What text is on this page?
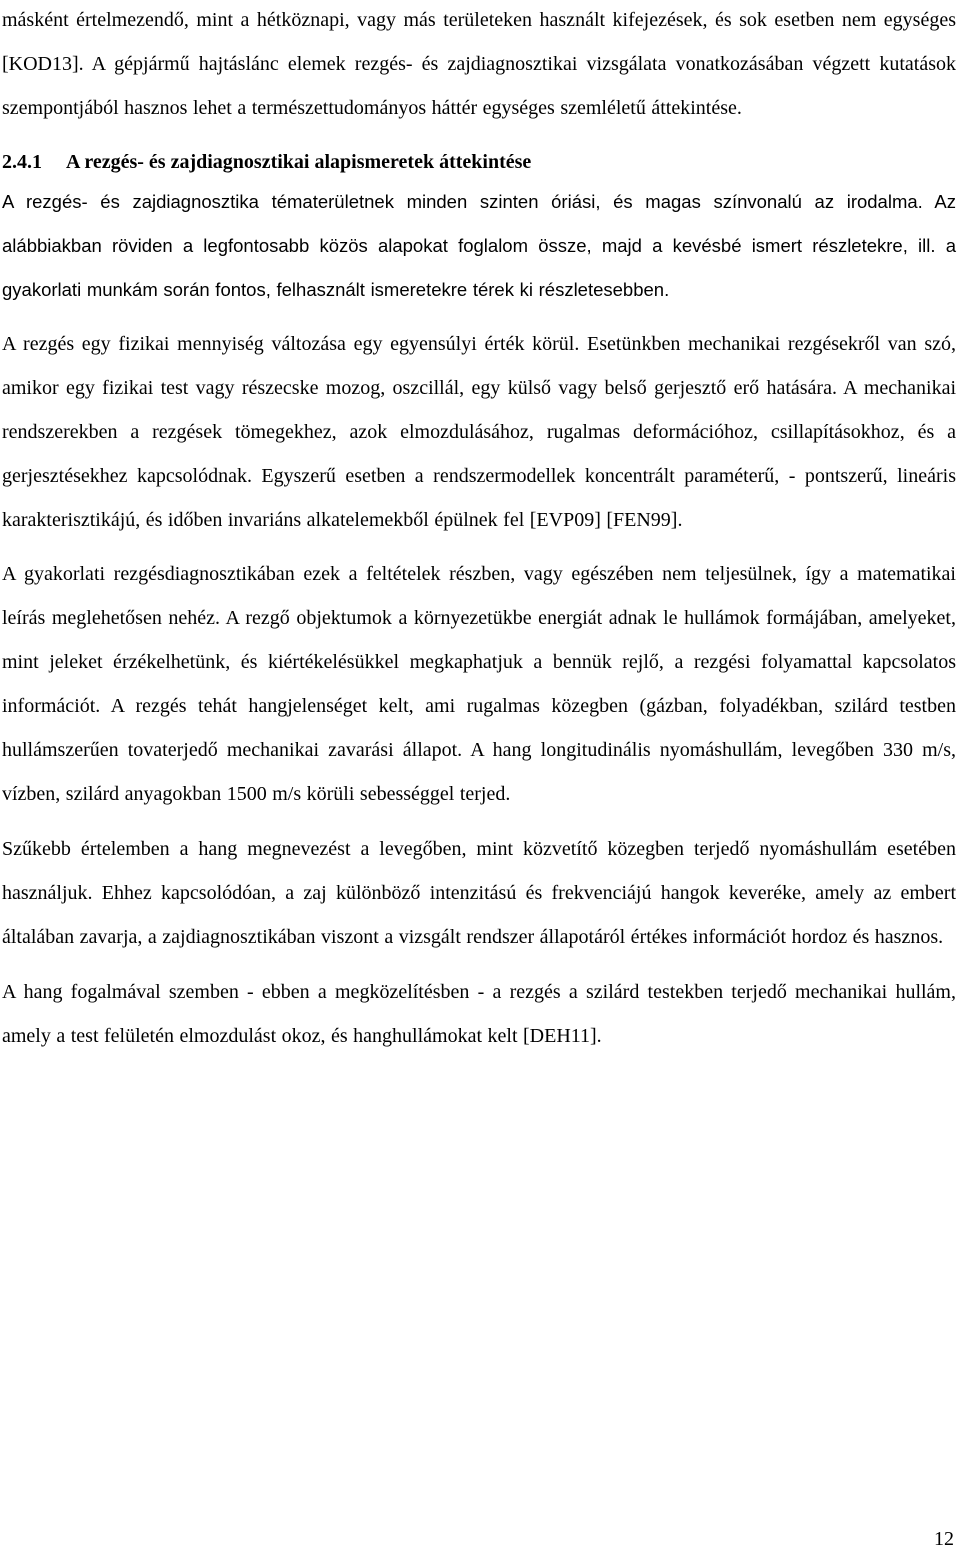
másként értelmezendő, mint a hétköznapi, vagy más területeken használt kifejezések, és sok esetben nem egységes [KOD13]. A gépjármű hajtáslánc elemek rezgés- és zajdiagnosztikai vizsgálata vonatkozásában végzett kutatások szempontjából hasznos lehet a természettudományos háttér egységes szemléletű áttekintése.

2.4.1 A rezgés- és zajdiagnosztikai alapismeretek áttekintése

A rezgés- és zajdiagnosztika tématerületnek minden szinten óriási, és magas színvonalú az irodalma. Az alábbiakban röviden a legfontosabb közös alapokat foglalom össze, majd a kevésbé ismert részletekre, ill. a gyakorlati munkám során fontos, felhasznált ismeretekre térek ki részletesebben.

A rezgés egy fizikai mennyiség változása egy egyensúlyi érték körül. Esetünkben mechanikai rezgésekről van szó, amikor egy fizikai test vagy részecske mozog, oszcillál, egy külső vagy belső gerjesztő erő hatására. A mechanikai rendszerekben a rezgések tömegekhez, azok elmozdulásához, rugalmas deformációhoz, csillapításokhoz, és a gerjesztésekhez kapcsolódnak. Egyszerű esetben a rendszermodellek koncentrált paraméterű, - pontszerű, lineáris karakterisztikájú, és időben invariáns alkatelemekből épülnek fel [EVP09] [FEN99].

A gyakorlati rezgésdiagnosztikában ezek a feltételek részben, vagy egészében nem teljesülnek, így a matematikai leírás meglehetősen nehéz. A rezgő objektumok a környezetükbe energiát adnak le hullámok formájában, amelyeket, mint jeleket érzékelhetünk, és kiértékelésükkel megkaphatjuk a bennük rejlő, a rezgési folyamattal kapcsolatos információt. A rezgés tehát hangjelenséget kelt, ami rugalmas közegben (gázban, folyadékban, szilárd testben hullámszerűen tovaterjedő mechanikai zavarási állapot. A hang longitudinális nyomáshullám, levegőben 330 m/s, vízben, szilárd anyagokban 1500 m/s körüli sebességgel terjed.

Szűkebb értelemben a hang megnevezést a levegőben, mint közvetítő közegben terjedő nyomáshullám esetében használjuk. Ehhez kapcsolódóan, a zaj különböző intenzitású és frekvenciájú hangok keveréke, amely az embert általában zavarja, a zajdiagnosztikában viszont a vizsgált rendszer állapotáról értékes információt hordoz és hasznos.

A hang fogalmával szemben - ebben a megközelítésben - a rezgés a szilárd testekben terjedő mechanikai hullám, amely a test felületén elmozdulást okoz, és hanghullámokat kelt [DEH11].

12
